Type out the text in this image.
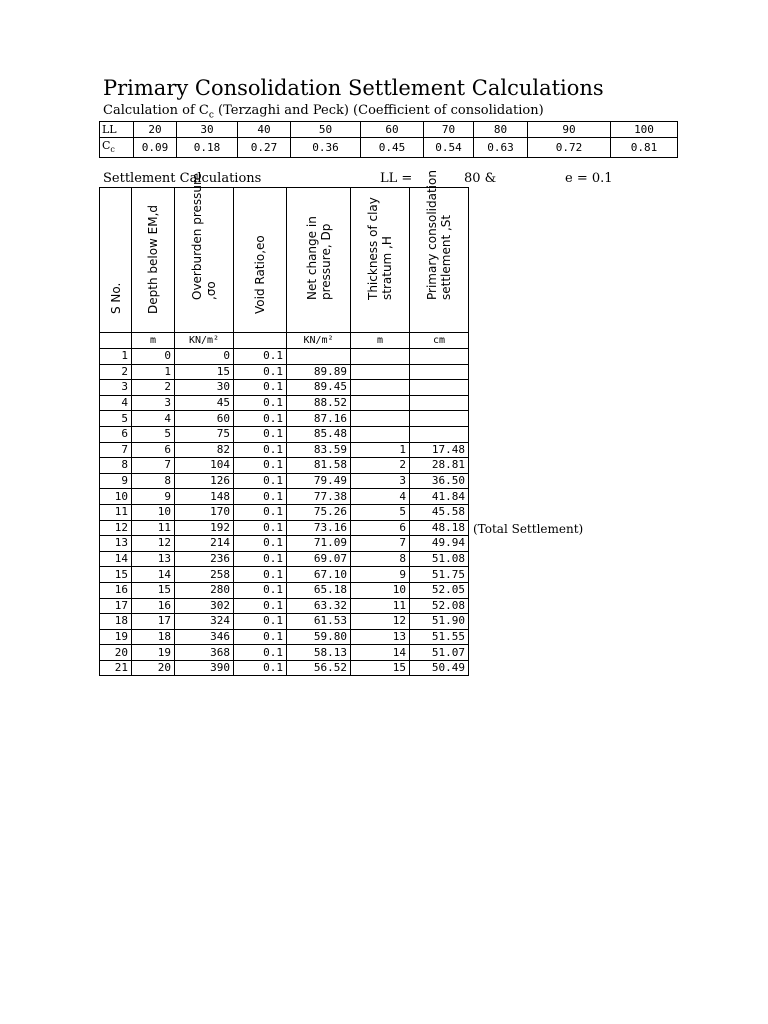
Primary Consolidation Settlement Calculations
Calculation of $C_c$ (Terzaghi and Peck) (Coefficient of consolidation)
LL	20	30	40	50	60	70	80	90	100
$C_c$	0.09	0.18	0.27	0.36	0.45	0.54	0.63	0.72	0.81
Settlement Calculations	LL =	80 &	e = 0.1
S No.	Depth below EM,d	Overburden pressure ,σo	Void Ratio,eo	Net change in pressure, Dp	Thickness of clay stratum ,H	Primary consolidation settlement ,St

	m	KN/m²		KN/m²	m	cm
1	0	0	0.1			
2	1	15	0.1	89.89		
3	2	30	0.1	89.45		
4	3	45	0.1	88.52		
5	4	60	0.1	87.16		
6	5	75	0.1	85.48		
7	6	82	0.1	83.59	1	17.48
8	7	104	0.1	81.58	2	28.81
9	8	126	0.1	79.49	3	36.50
10	9	148	0.1	77.38	4	41.84
11	10	170	0.1	75.26	5	45.58
12	11	192	0.1	73.16	6	48.18
13	12	214	0.1	71.09	7	49.94
14	13	236	0.1	69.07	8	51.08
15	14	258	0.1	67.10	9	51.75
16	15	280	0.1	65.18	10	52.05
17	16	302	0.1	63.32	11	52.08
18	17	324	0.1	61.53	12	51.90
19	18	346	0.1	59.80	13	51.55
20	19	368	0.1	58.13	14	51.07
21	20	390	0.1	56.52	15	50.49
(Total Settlement)
